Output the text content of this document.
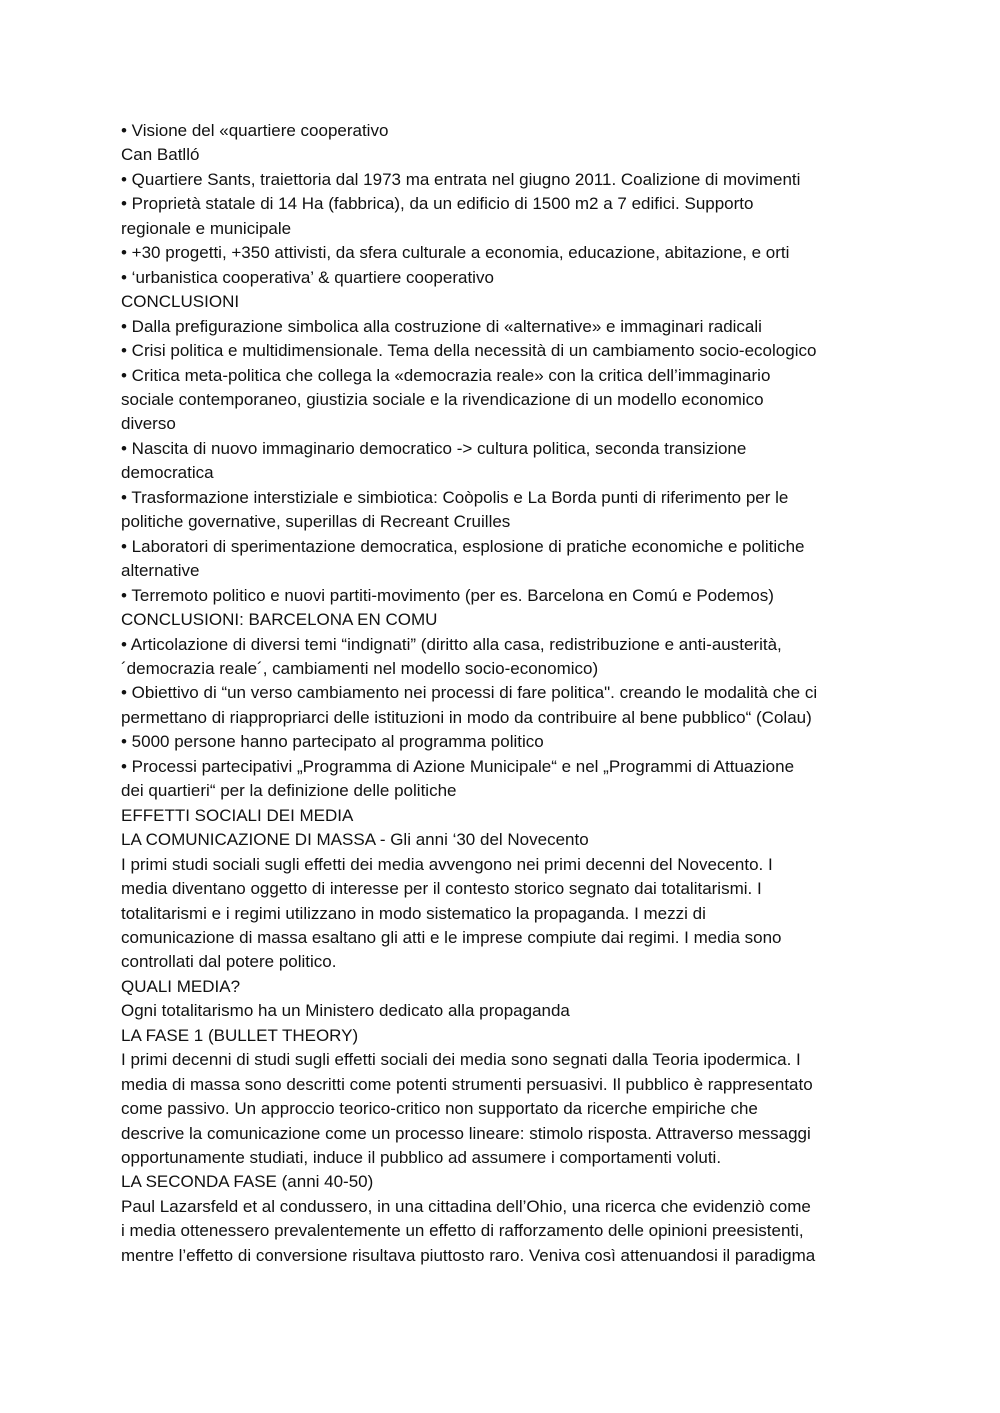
• Visione del «quartiere cooperativo

Can Batlló

• Quartiere Sants, traiettoria dal 1973 ma entrata nel giugno 2011. Coalizione di movimenti

• Proprietà statale di 14 Ha (fabbrica), da un edificio di 1500 m2 a 7 edifici. Supporto

regionale e municipale

• +30 progetti, +350 attivisti, da sfera culturale a economia, educazione, abitazione, e orti

• ‘urbanistica cooperativa’ & quartiere cooperativo

CONCLUSIONI

• Dalla prefigurazione simbolica alla costruzione di «alternative» e immaginari radicali

• Crisi politica e multidimensionale. Tema della necessità di un cambiamento socio-ecologico

• Critica meta-politica che collega la «democrazia reale» con la critica dell’immaginario

sociale contemporaneo, giustizia sociale e la rivendicazione di un modello economico

diverso

• Nascita di nuovo immaginario democratico -> cultura politica, seconda transizione

democratica

• Trasformazione interstiziale e simbiotica: Coòpolis e La Borda punti di riferimento per le

politiche governative, superillas di Recreant Cruilles

• Laboratori di sperimentazione democratica, esplosione di pratiche economiche e politiche

alternative

• Terremoto politico e nuovi partiti-movimento (per es. Barcelona en Comú e Podemos)

CONCLUSIONI: BARCELONA EN COMU

• Articolazione di diversi temi “indignati” (diritto alla casa, redistribuzione e anti-austerità,

´democrazia reale´, cambiamenti nel modello socio-economico)

• Obiettivo di “un verso cambiamento nei processi di fare politica". creando le modalità che ci

permettano di riappropriarci delle istituzioni in modo da contribuire al bene pubblico“ (Colau)

• 5000 persone hanno partecipato al programma politico

• Processi partecipativi „Programma di Azione Municipale“ e nel „Programmi di Attuazione

dei quartieri“ per la definizione delle politiche

EFFETTI SOCIALI DEI MEDIA

LA COMUNICAZIONE DI MASSA - Gli anni ‘30 del Novecento

I primi studi sociali sugli effetti dei media avvengono nei primi decenni del Novecento. I

media diventano oggetto di interesse per il contesto storico segnato dai totalitarismi. I

totalitarismi e i regimi utilizzano in modo sistematico la propaganda. I mezzi di

comunicazione di massa esaltano gli atti e le imprese compiute dai regimi. I media sono

controllati dal potere politico.

QUALI MEDIA?

Ogni totalitarismo ha un Ministero dedicato alla propaganda

LA FASE 1 (BULLET THEORY)

I primi decenni di studi sugli effetti sociali dei media sono segnati dalla Teoria ipodermica. I

media di massa sono descritti come potenti strumenti persuasivi. Il pubblico è rappresentato

come passivo. Un approccio teorico-critico non supportato da ricerche empiriche che

descrive la comunicazione come un processo lineare: stimolo risposta. Attraverso messaggi

opportunamente studiati, induce il pubblico ad assumere i comportamenti voluti.

LA SECONDA FASE (anni 40-50)

Paul Lazarsfeld et al condussero, in una cittadina dell’Ohio, una ricerca che evidenziò come

i media ottenessero prevalentemente un effetto di rafforzamento delle opinioni preesistenti,

mentre l’effetto di conversione risultava piuttosto raro. Veniva così attenuandosi il paradigma
